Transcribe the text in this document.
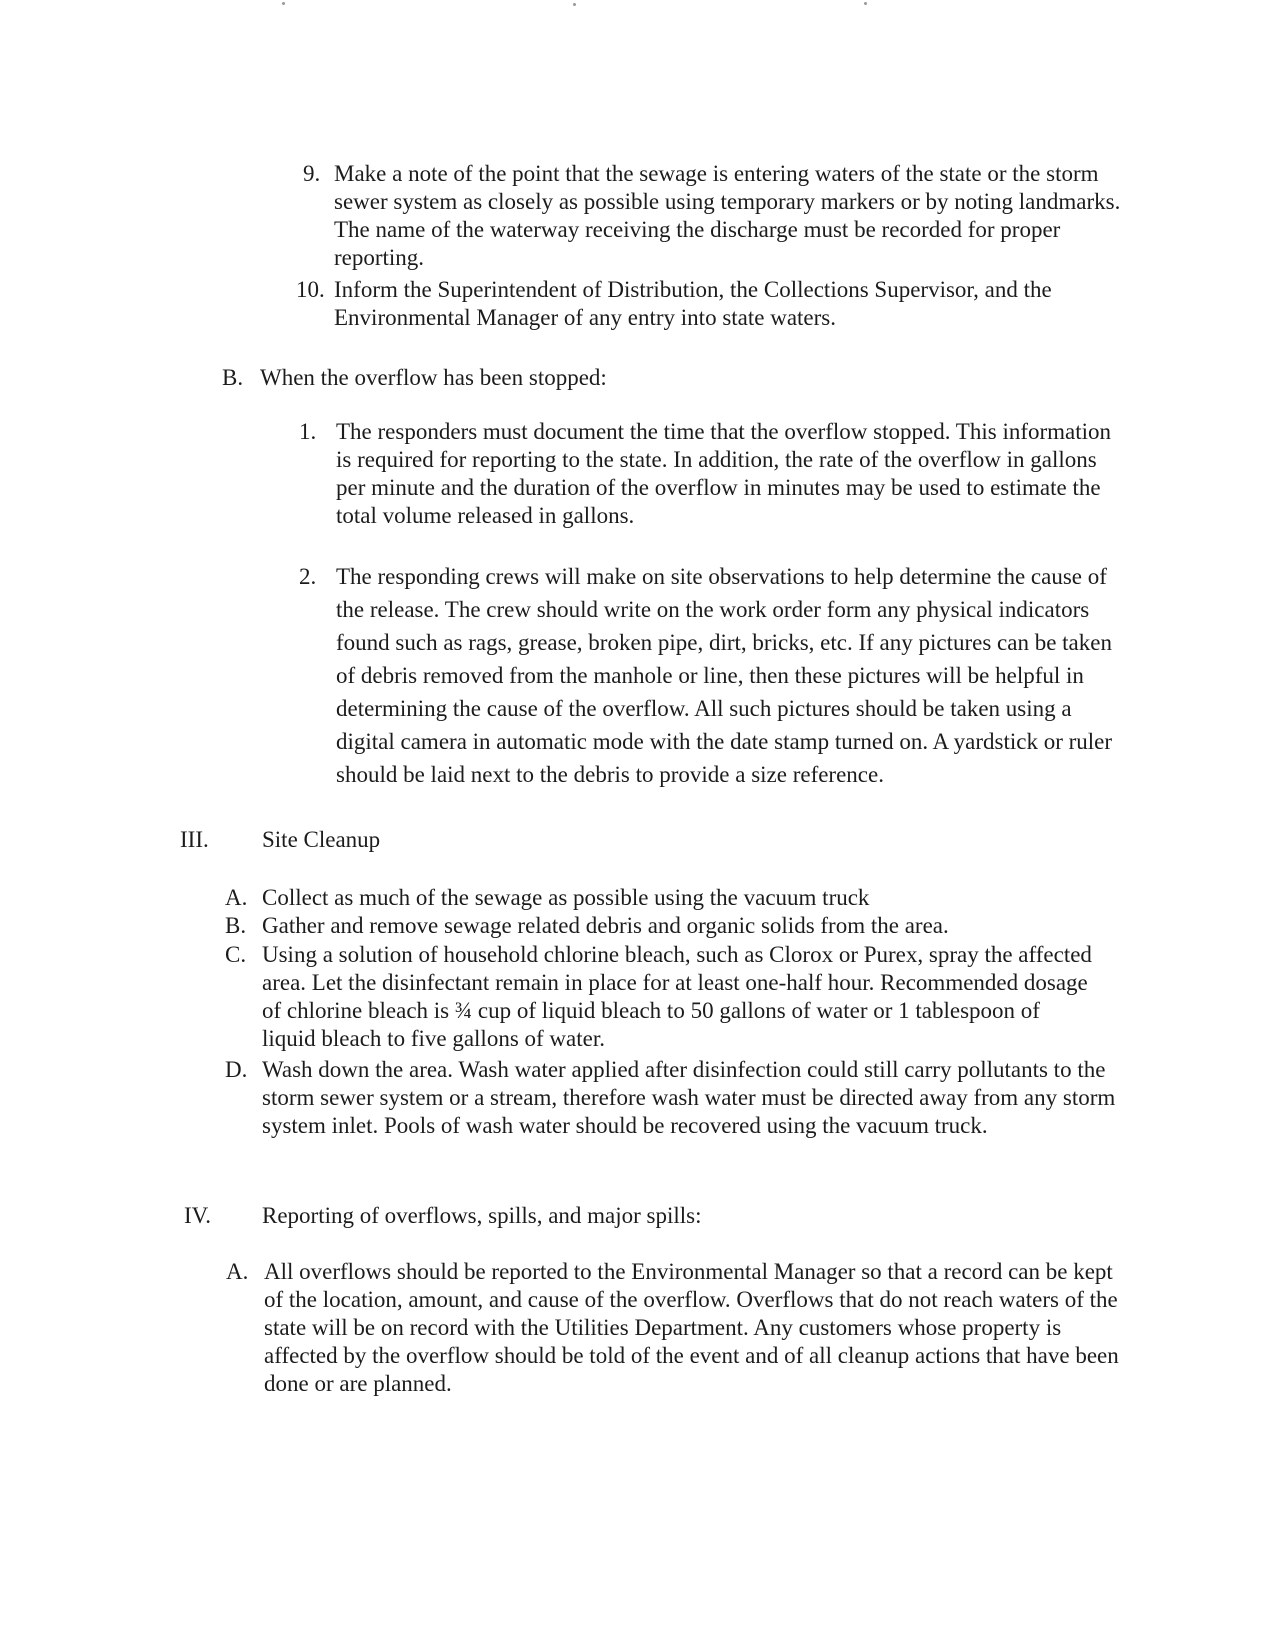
9. Make a note of the point that the sewage is entering waters of the state or the storm sewer system as closely as possible using temporary markers or by noting landmarks. The name of the waterway receiving the discharge must be recorded for proper reporting.
10. Inform the Superintendent of Distribution, the Collections Supervisor, and the Environmental Manager of any entry into state waters.
B. When the overflow has been stopped:
1. The responders must document the time that the overflow stopped. This information is required for reporting to the state. In addition, the rate of the overflow in gallons per minute and the duration of the overflow in minutes may be used to estimate the total volume released in gallons.
2. The responding crews will make on site observations to help determine the cause of the release. The crew should write on the work order form any physical indicators found such as rags, grease, broken pipe, dirt, bricks, etc. If any pictures can be taken of debris removed from the manhole or line, then these pictures will be helpful in determining the cause of the overflow. All such pictures should be taken using a digital camera in automatic mode with the date stamp turned on. A yardstick or ruler should be laid next to the debris to provide a size reference.
III. Site Cleanup
A. Collect as much of the sewage as possible using the vacuum truck
B. Gather and remove sewage related debris and organic solids from the area.
C. Using a solution of household chlorine bleach, such as Clorox or Purex, spray the affected area. Let the disinfectant remain in place for at least one-half hour. Recommended dosage of chlorine bleach is ¾ cup of liquid bleach to 50 gallons of water or 1 tablespoon of liquid bleach to five gallons of water.
D. Wash down the area. Wash water applied after disinfection could still carry pollutants to the storm sewer system or a stream, therefore wash water must be directed away from any storm system inlet. Pools of wash water should be recovered using the vacuum truck.
IV. Reporting of overflows, spills, and major spills:
A. All overflows should be reported to the Environmental Manager so that a record can be kept of the location, amount, and cause of the overflow. Overflows that do not reach waters of the state will be on record with the Utilities Department. Any customers whose property is affected by the overflow should be told of the event and of all cleanup actions that have been done or are planned.
